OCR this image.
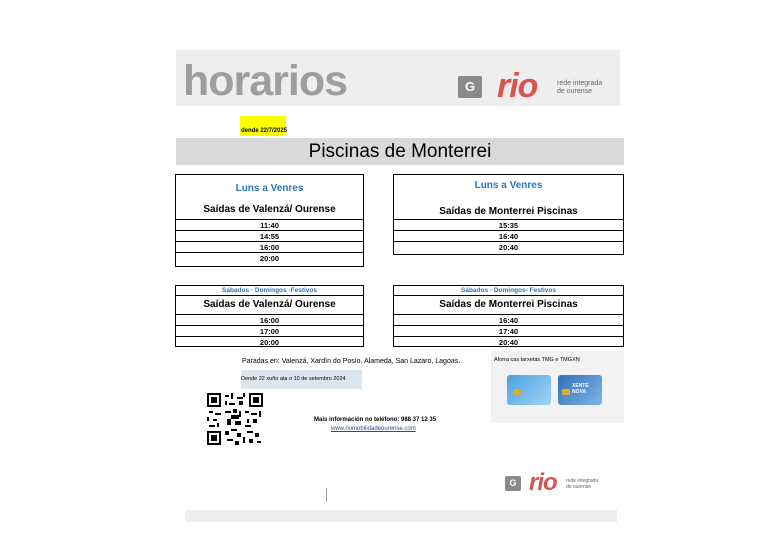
horarios	G rio	rede integrada
de ourense
dende 22/7/2025
Piscinas de Monterrei
Luns a Venres
Saídas de Valenzá/ Ourense
11:40
14:55
16:00
20:00
Luns a Venres
Saídas de Monterrei Piscinas
15:35
16:40
20:40
Sábados - Domingos -Festivos
Saídas de Valenzá/ Ourense
16:00
17:00
20:00
Sábados - Domingos- Festivos
Saídas de Monterrei Piscinas
16:40
17:40
20:40
Paradas en: Valenzá, Xardín do Posío, Alameda, San Lazaro, Lagoas.
Dende 22 xuño ata o 10 de setembro 2024
Aforra cas tarxetas TMG e TMGXN
XENTE NOVA
Mais información no teléfono: 988 37 12 35
www.riomobilidadeourense.com
G rio rede integrada
de ourense
